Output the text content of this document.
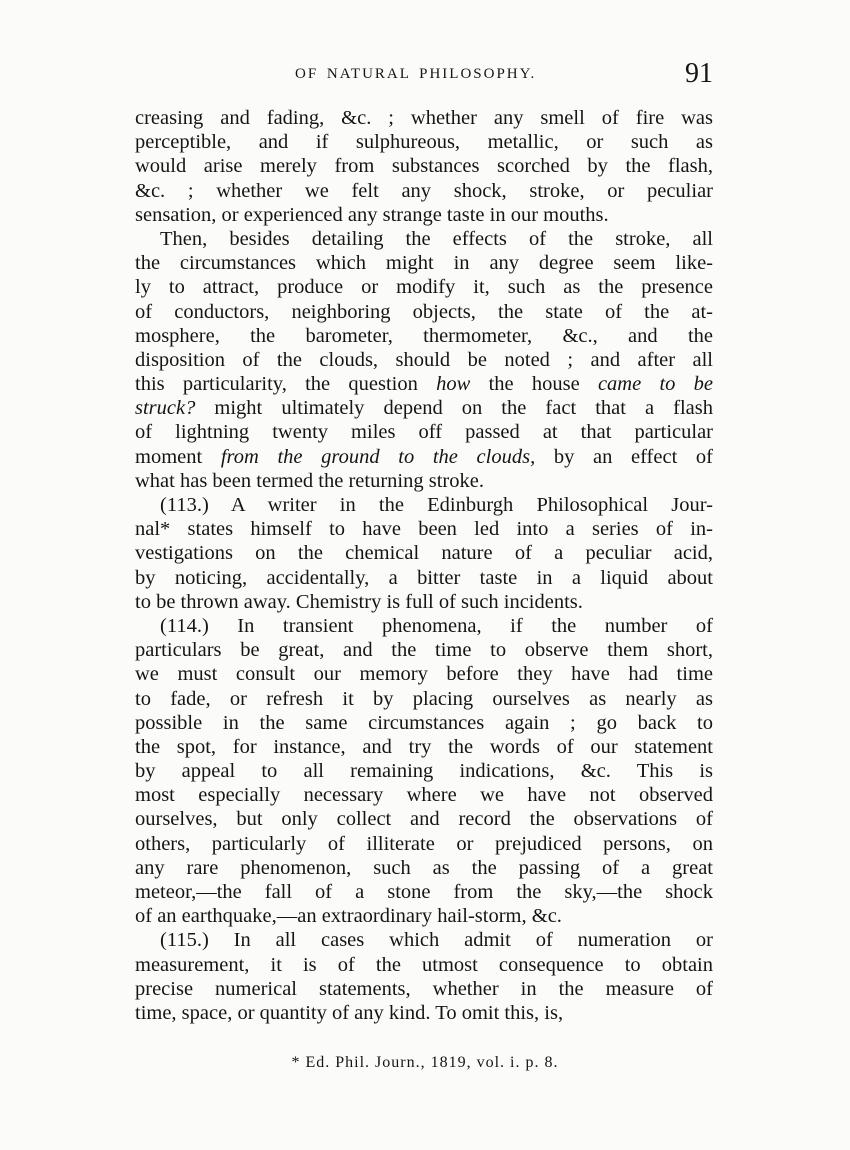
OF NATURAL PHILOSOPHY.	91
creasing and fading, &c. ; whether any smell of fire was
perceptible, and if sulphureous, metallic, or such as
would arise merely from substances scorched by the flash,
&c. ; whether we felt any shock, stroke, or peculiar
sensation, or experienced any strange taste in our mouths.
Then, besides detailing the effects of the stroke, all
the circumstances which might in any degree seem like-
ly to attract, produce or modify it, such as the presence
of conductors, neighboring objects, the state of the at-
mosphere, the barometer, thermometer, &c., and the
disposition of the clouds, should be noted ; and after all
this particularity, the question how the house came to be
struck? might ultimately depend on the fact that a flash
of lightning twenty miles off passed at that particular
moment from the ground to the clouds, by an effect of
what has been termed the returning stroke.
(113.) A writer in the Edinburgh Philosophical Jour-
nal* states himself to have been led into a series of in-
vestigations on the chemical nature of a peculiar acid,
by noticing, accidentally, a bitter taste in a liquid about
to be thrown away. Chemistry is full of such incidents.
(114.) In transient phenomena, if the number of
particulars be great, and the time to observe them short,
we must consult our memory before they have had time
to fade, or refresh it by placing ourselves as nearly as
possible in the same circumstances again ; go back to
the spot, for instance, and try the words of our statement
by appeal to all remaining indications, &c. This is
most especially necessary where we have not observed
ourselves, but only collect and record the observations of
others, particularly of illiterate or prejudiced persons, on
any rare phenomenon, such as the passing of a great
meteor,—the fall of a stone from the sky,—the shock
of an earthquake,—an extraordinary hail-storm, &c.
(115.) In all cases which admit of numeration or
measurement, it is of the utmost consequence to obtain
precise numerical statements, whether in the measure of
time, space, or quantity of any kind. To omit this, is,
* Ed. Phil. Journ., 1819, vol. i. p. 8.
